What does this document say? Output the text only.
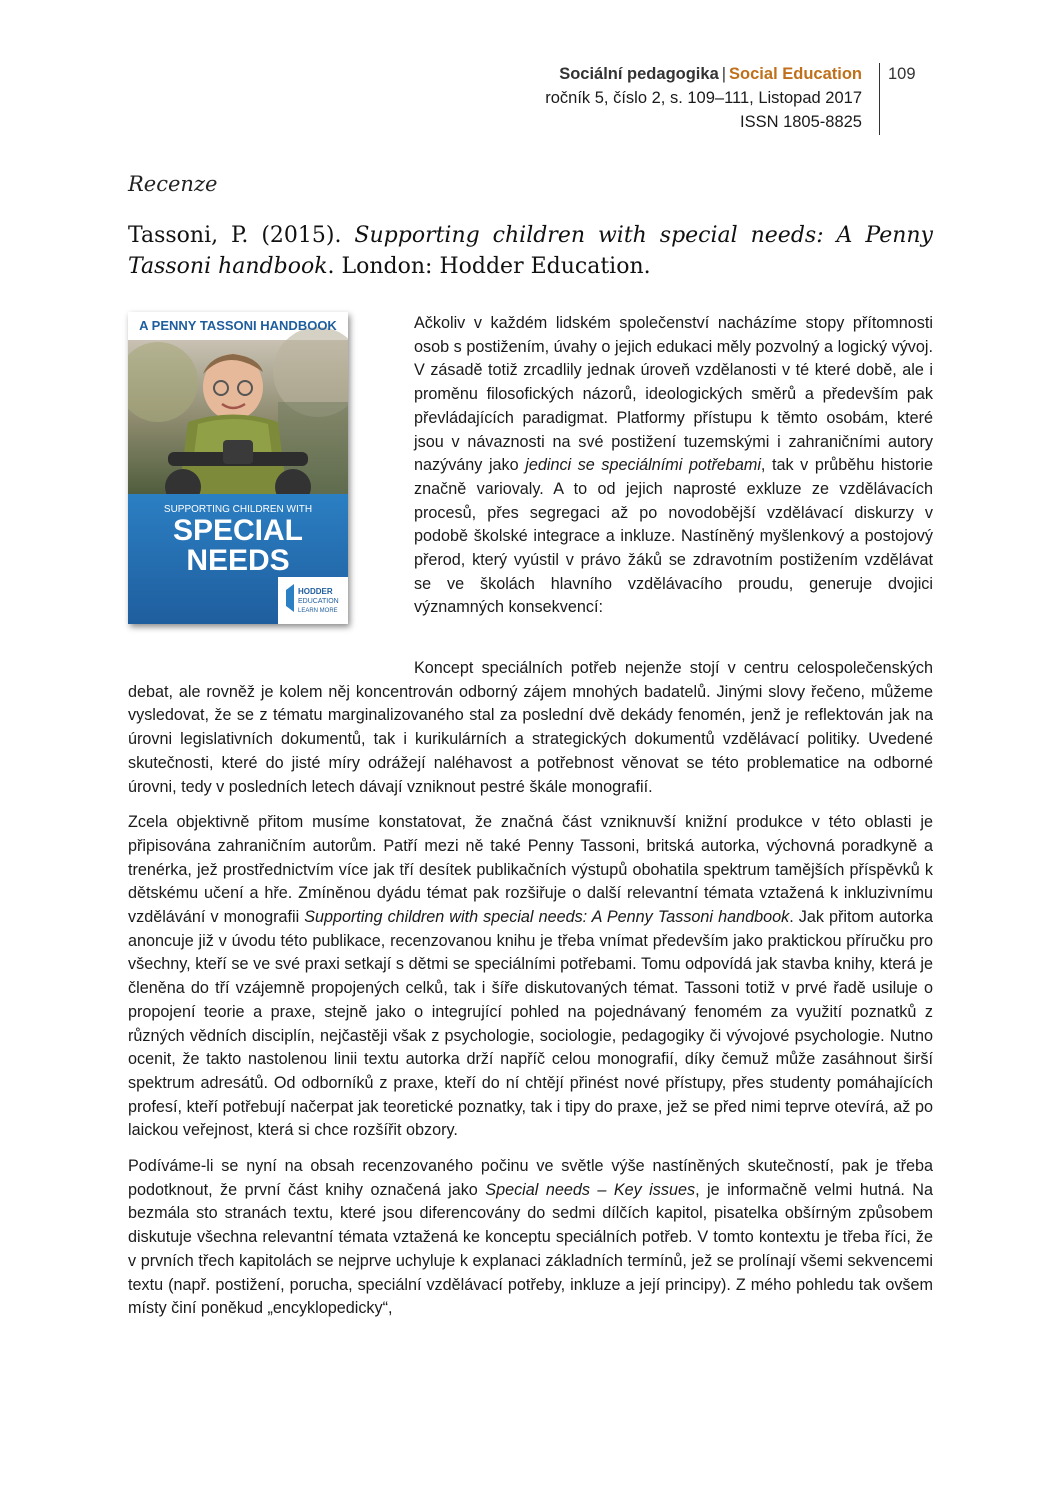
Sociální pedagogika | Social Education
ročník 5, číslo 2, s. 109–111, Listopad 2017
ISSN 1805-8825
109
Recenze
Tassoni, P. (2015). Supporting children with special needs: A Penny Tassoni handbook. London: Hodder Education.
A PENNY TASSONI HANDBOOK
SUPPORTING CHILDREN WITH
SPECIAL
NEEDS
HODDER
EDUCATION
LEARN MORE

Ačkoliv v každém lidském společenství nacházíme stopy přítomnosti osob s postižením, úvahy o jejich edukaci měly pozvolný a logický vývoj. V zásadě totiž zrcadlily jednak úroveň vzdělanosti v té které době, ale i proměnu filosofických názorů, ideologických směrů a především pak převládajících paradigmat. Platformy přístupu k těmto osobám, které jsou v návaznosti na své postižení tuzemskými i zahraničními autory nazývány jako jedinci se speciálními potřebami, tak v průběhu historie značně variovaly. A to od jejich naprosté exkluze ze vzdělávacích procesů, přes segregaci až po novodobější vzdělávací diskurzy v podobě školské integrace a inkluze. Nastíněný myšlenkový a postojový přerod, který vyústil v právo žáků se zdravotním postižením vzdělávat se ve školách hlavního vzdělávacího proudu, generuje dvojici významných konsekvencí:

Koncept speciálních potřeb nejenže stojí v centru celospolečenských debat, ale rovněž je kolem něj koncentrován odborný zájem mnohých badatelů. Jinými slovy řečeno, můžeme vysledovat, že se z tématu marginalizovaného stal za poslední dvě dekády fenomén, jenž je reflektován jak na úrovni legislativních dokumentů, tak i kurikulárních a strategických dokumentů vzdělávací politiky. Uvedené skutečnosti, které do jisté míry odrážejí naléhavost a potřebnost věnovat se této problematice na odborné úrovni, tedy v posledních letech dávají vzniknout pestré škále monografií.

Zcela objektivně přitom musíme konstatovat, že značná část vzniknuvší knižní produkce v této oblasti je připisována zahraničním autorům. Patří mezi ně také Penny Tassoni, britská autorka, výchovná poradkyně a trenérka, jež prostřednictvím více jak tří desítek publikačních výstupů obohatila spektrum tamějších příspěvků k dětskému učení a hře. Zmíněnou dyádu témat pak rozšiřuje o další relevantní témata vztažená k inkluzivnímu vzdělávání v monografii Supporting children with special needs: A Penny Tassoni handbook. Jak přitom autorka anoncuje již v úvodu této publikace, recenzovanou knihu je třeba vnímat především jako praktickou příručku pro všechny, kteří se ve své praxi setkají s dětmi se speciálními potřebami. Tomu odpovídá jak stavba knihy, která je členěna do tří vzájemně propojených celků, tak i šíře diskutovaných témat. Tassoni totiž v prvé řadě usiluje o propojení teorie a praxe, stejně jako o integrující pohled na pojednávaný fenomém za využití poznatků z různých vědních disciplín, nejčastěji však z psychologie, sociologie, pedagogiky či vývojové psychologie. Nutno ocenit, že takto nastolenou linii textu autorka drží napříč celou monografií, díky čemuž může zasáhnout širší spektrum adresátů. Od odborníků z praxe, kteří do ní chtějí přinést nové přístupy, přes studenty pomáhajících profesí, kteří potřebují načerpat jak teoretické poznatky, tak i tipy do praxe, jež se před nimi teprve otevírá, až po laickou veřejnost, která si chce rozšířit obzory.

Podíváme-li se nyní na obsah recenzovaného počinu ve světle výše nastíněných skutečností, pak je třeba podotknout, že první část knihy označená jako Special needs – Key issues, je informačně velmi hutná. Na bezmála sto stranách textu, které jsou diferencovány do sedmi dílčích kapitol, pisatelka obšírným způsobem diskutuje všechna relevantní témata vztažená ke konceptu speciálních potřeb. V tomto kontextu je třeba říci, že v prvních třech kapitolách se nejprve uchyluje k explanaci základních termínů, jež se prolínají všemi sekvencemi textu (např. postižení, porucha, speciální vzdělávací potřeby, inkluze a její principy). Z mého pohledu tak ovšem místy činí poněkud „encyklopedicky“,
